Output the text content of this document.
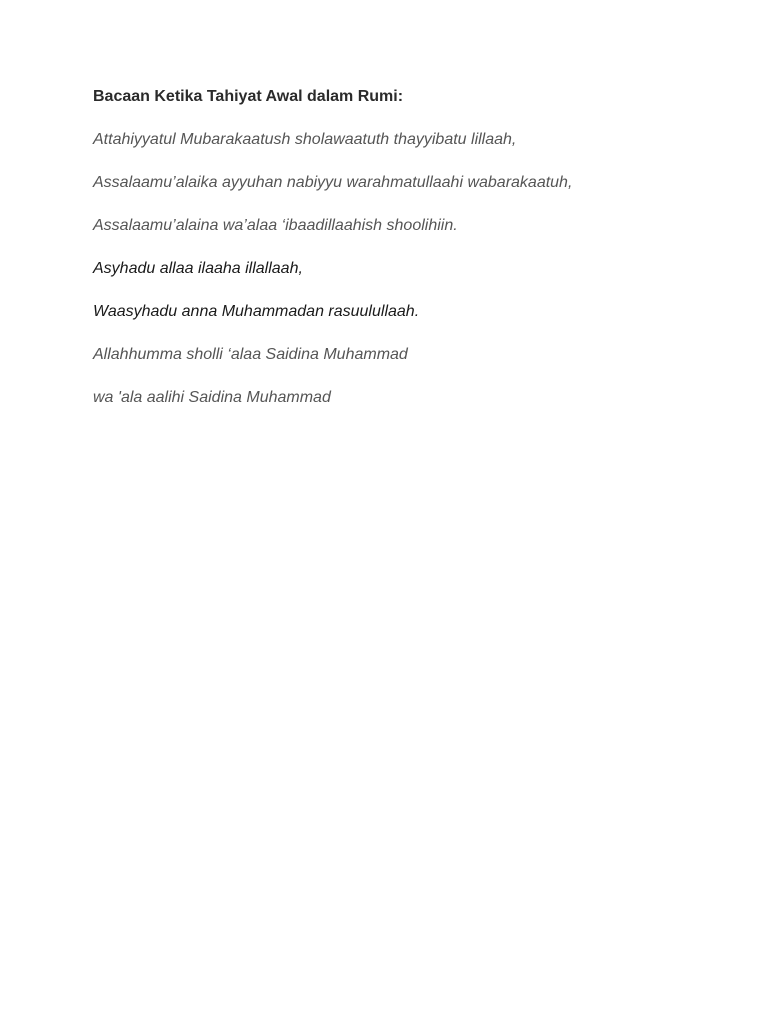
Bacaan Ketika Tahiyat Awal dalam Rumi:

Attahiyyatul Mubarakaatush sholawaatuth thayyibatu lillaah,

Assalaamu’alaika ayyuhan nabiyyu warahmatullaahi wabarakaatuh,

Assalaamu’alaina wa’alaa ‘ibaadillaahish shoolihiin.

Asyhadu allaa ilaaha illallaah,

Waasyhadu anna Muhammadan rasuulullaah.

Allahhumma sholli ‘alaa Saidina Muhammad

wa 'ala aalihi Saidina Muhammad
